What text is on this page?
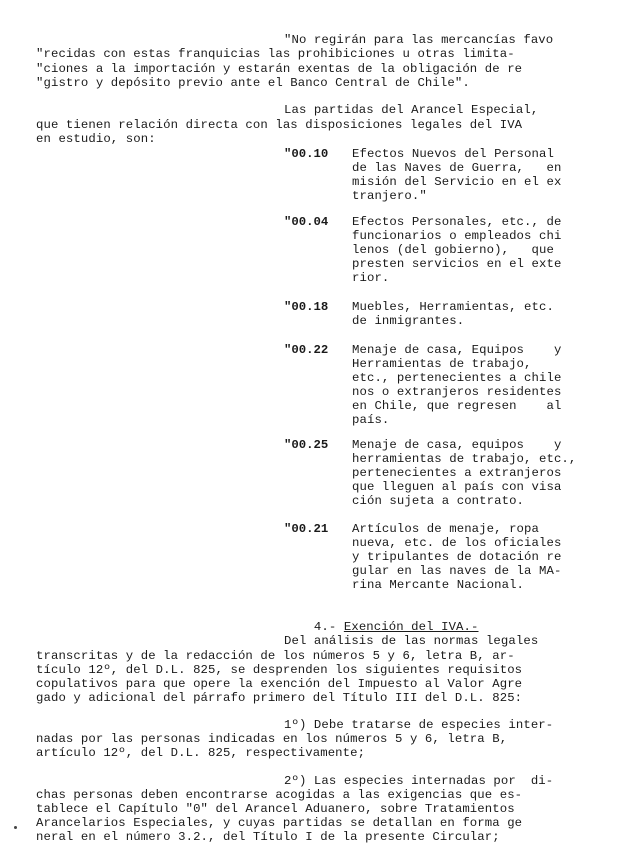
"No regirán para las mercancías favo
"recidas con estas franquicias las prohibiciones u otras limita-
"ciones a la importación y estarán exentas de la obligación de re
"gistro y depósito previo ante el Banco Central de Chile".
Las partidas del Arancel Especial,
que tienen relación directa con las disposiciones legales del IVA
en estudio, son:
"00.10 Efectos Nuevos del Personal
de las Naves de Guerra,   en
misión del Servicio en el ex
tranjero."
"00.04 Efectos Personales, etc., de
funcionarios o empleados chi
lenos (del gobierno),   que
presten servicios en el exte
rior.
"00.18 Muebles, Herramientas, etc.
de inmigrantes.
"00.22 Menaje de casa, Equipos    y
Herramientas de trabajo,
etc., pertenecientes a chile
nos o extranjeros residentes
en Chile, que regresen    al
país.
"00.25 Menaje de casa, equipos    y
herramientas de trabajo, etc.,
pertenecientes a extranjeros
que lleguen al país con visa
ción sujeta a contrato.
"00.21 Artículos de menaje, ropa
nueva, etc. de los oficiales
y tripulantes de dotación re
gular en las naves de la MA-
rina Mercante Nacional.

4.- Exención del IVA.-

Del análisis de las normas legales
transcritas y de la redacción de los números 5 y 6, letra B, ar-
tículo 12º, del D.L. 825, se desprenden los siguientes requisitos
copulativos para que opere la exención del Impuesto al Valor Agre
gado y adicional del párrafo primero del Título III del D.L. 825:
1º) Debe tratarse de especies inter-
nadas por las personas indicadas en los números 5 y 6, letra B,
artículo 12º, del D.L. 825, respectivamente;
2º) Las especies internadas por  di-
chas personas deben encontrarse acogidas a las exigencias que es-
tablece el Capítulo "0" del Arancel Aduanero, sobre Tratamientos
Arancelarios Especiales, y cuyas partidas se detallan en forma ge
neral en el número 3.2., del Título I de la presente Circular;
